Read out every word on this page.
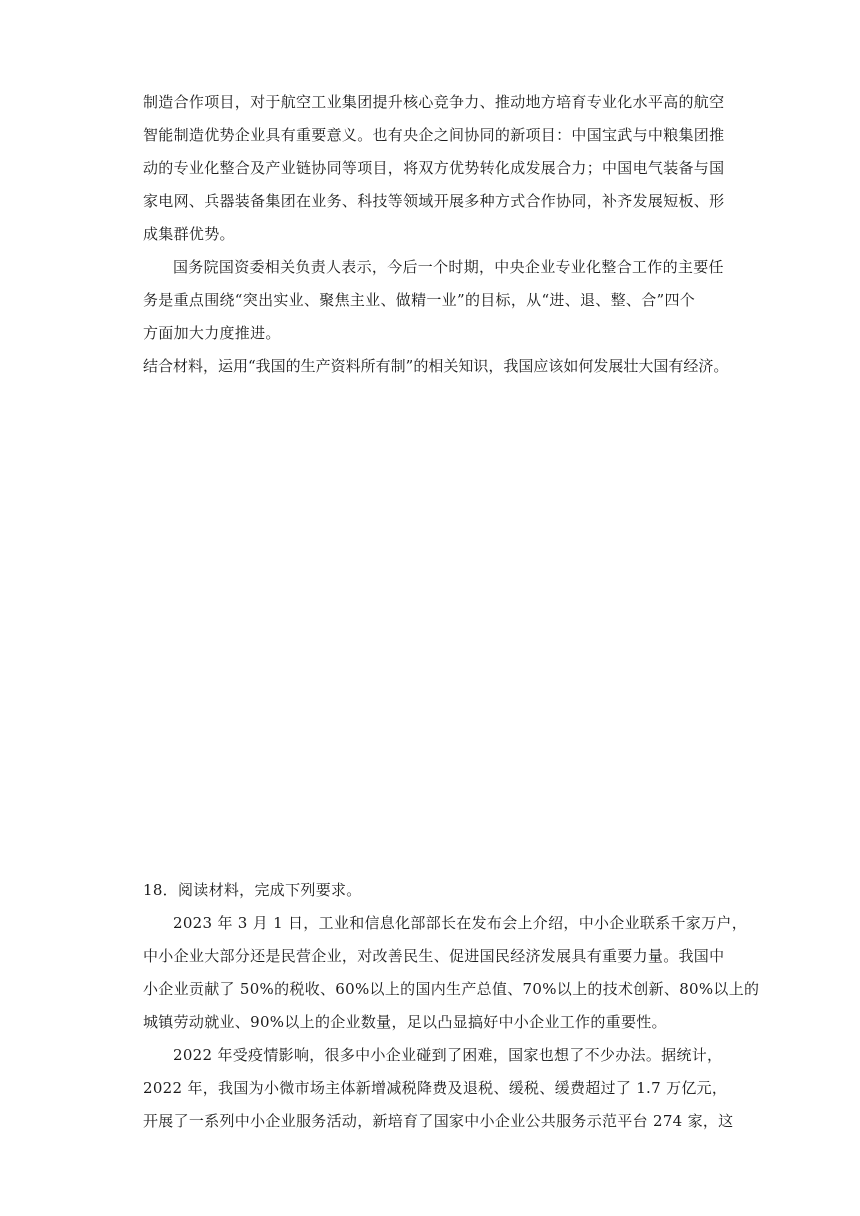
制造合作项目，对于航空工业集团提升核心竞争力、推动地方培育专业化水平高的航空
智能制造优势企业具有重要意义。也有央企之间协同的新项目：中国宝武与中粮集团推
动的专业化整合及产业链协同等项目，将双方优势转化成发展合力；中国电气装备与国
家电网、兵器装备集团在业务、科技等领域开展多种方式合作协同，补齐发展短板、形
成集群优势。
国务院国资委相关负责人表示，今后一个时期，中央企业专业化整合工作的主要任
务是重点围绕“突出实业、聚焦主业、做精一业”的目标，从“进、退、整、合”四个
方面加大力度推进。
结合材料，运用“我国的生产资料所有制”的相关知识，我国应该如何发展壮大国有经济。
18．阅读材料，完成下列要求。
2023 年 3 月 1 日，工业和信息化部部长在发布会上介绍，中小企业联系千家万户，
中小企业大部分还是民营企业，对改善民生、促进国民经济发展具有重要力量。我国中
小企业贡献了 50%的税收、60%以上的国内生产总值、70%以上的技术创新、80%以上的
城镇劳动就业、90%以上的企业数量，足以凸显搞好中小企业工作的重要性。
2022 年受疫情影响，很多中小企业碰到了困难，国家也想了不少办法。据统计，
2022 年，我国为小微市场主体新增减税降费及退税、缓税、缓费超过了 1.7 万亿元，
开展了一系列中小企业服务活动，新培育了国家中小企业公共服务示范平台 274 家，这
